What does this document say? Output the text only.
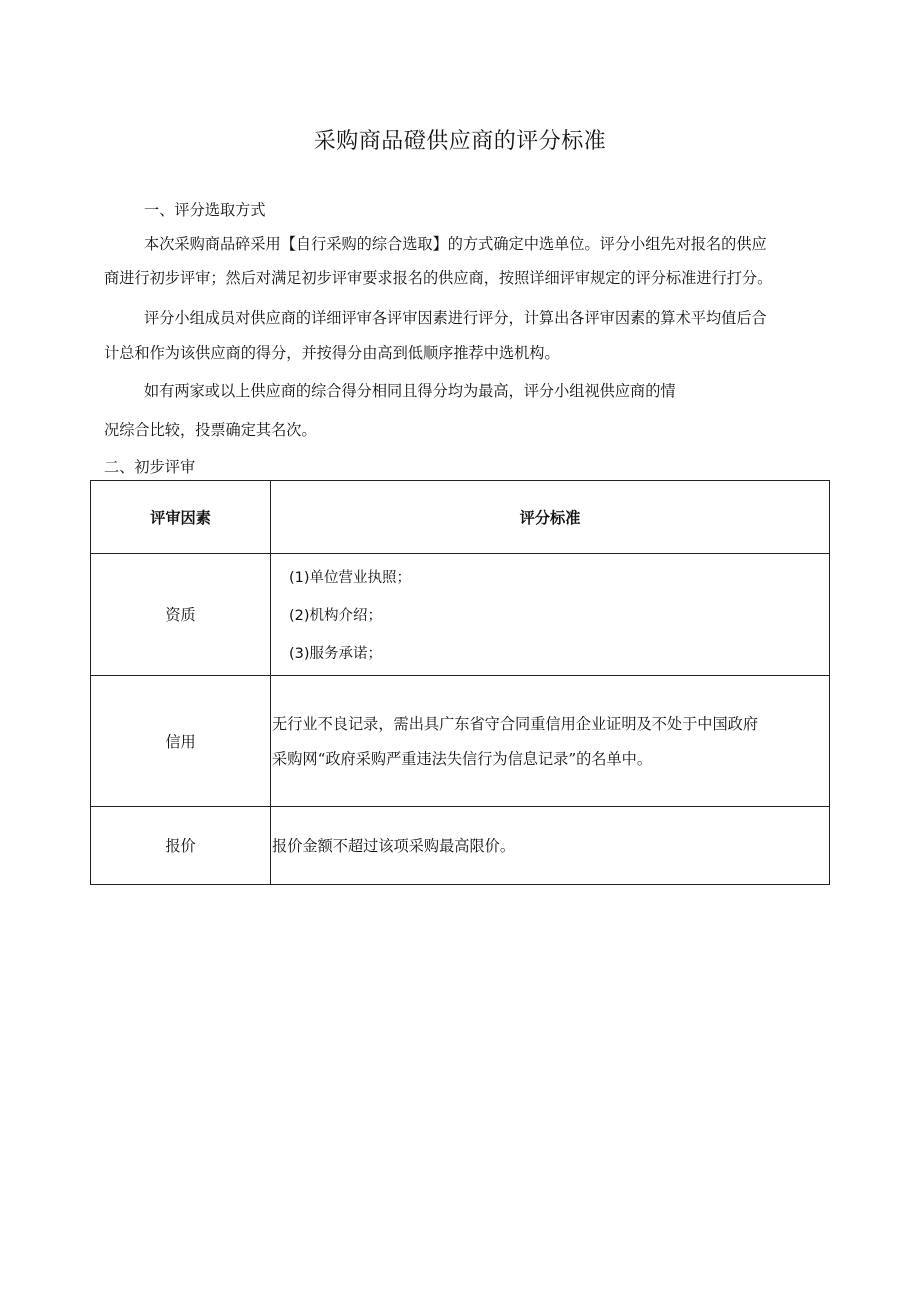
采购商品磴供应商的评分标准
一、评分选取方式
本次采购商品碎采用【自行采购的综合选取】的方式确定中选单位。评分小组先对报名的供应
商进行初步评审；然后对满足初步评审要求报名的供应商，按照详细评审规定的评分标准进行打分。
评分小组成员对供应商的详细评审各评审因素进行评分，计算出各评审因素的算术平均值后合
计总和作为该供应商的得分，并按得分由高到低顺序推荐中选机构。
如有两家或以上供应商的综合得分相同且得分均为最高，评分小组视供应商的情
况综合比较，投票确定其名次。
二、初步评审
评审因素	评分标准
资质	(1)单位营业执照；
(2)机构介绍；
(3)服务承诺；

信用	无行业不良记录，需出具广东省守合同重信用企业证明及不处于中国政府
采购网“政府采购严重违法失信行为信息记录”的名单中。

报价	报价金额不超过该项采购最高限价。
